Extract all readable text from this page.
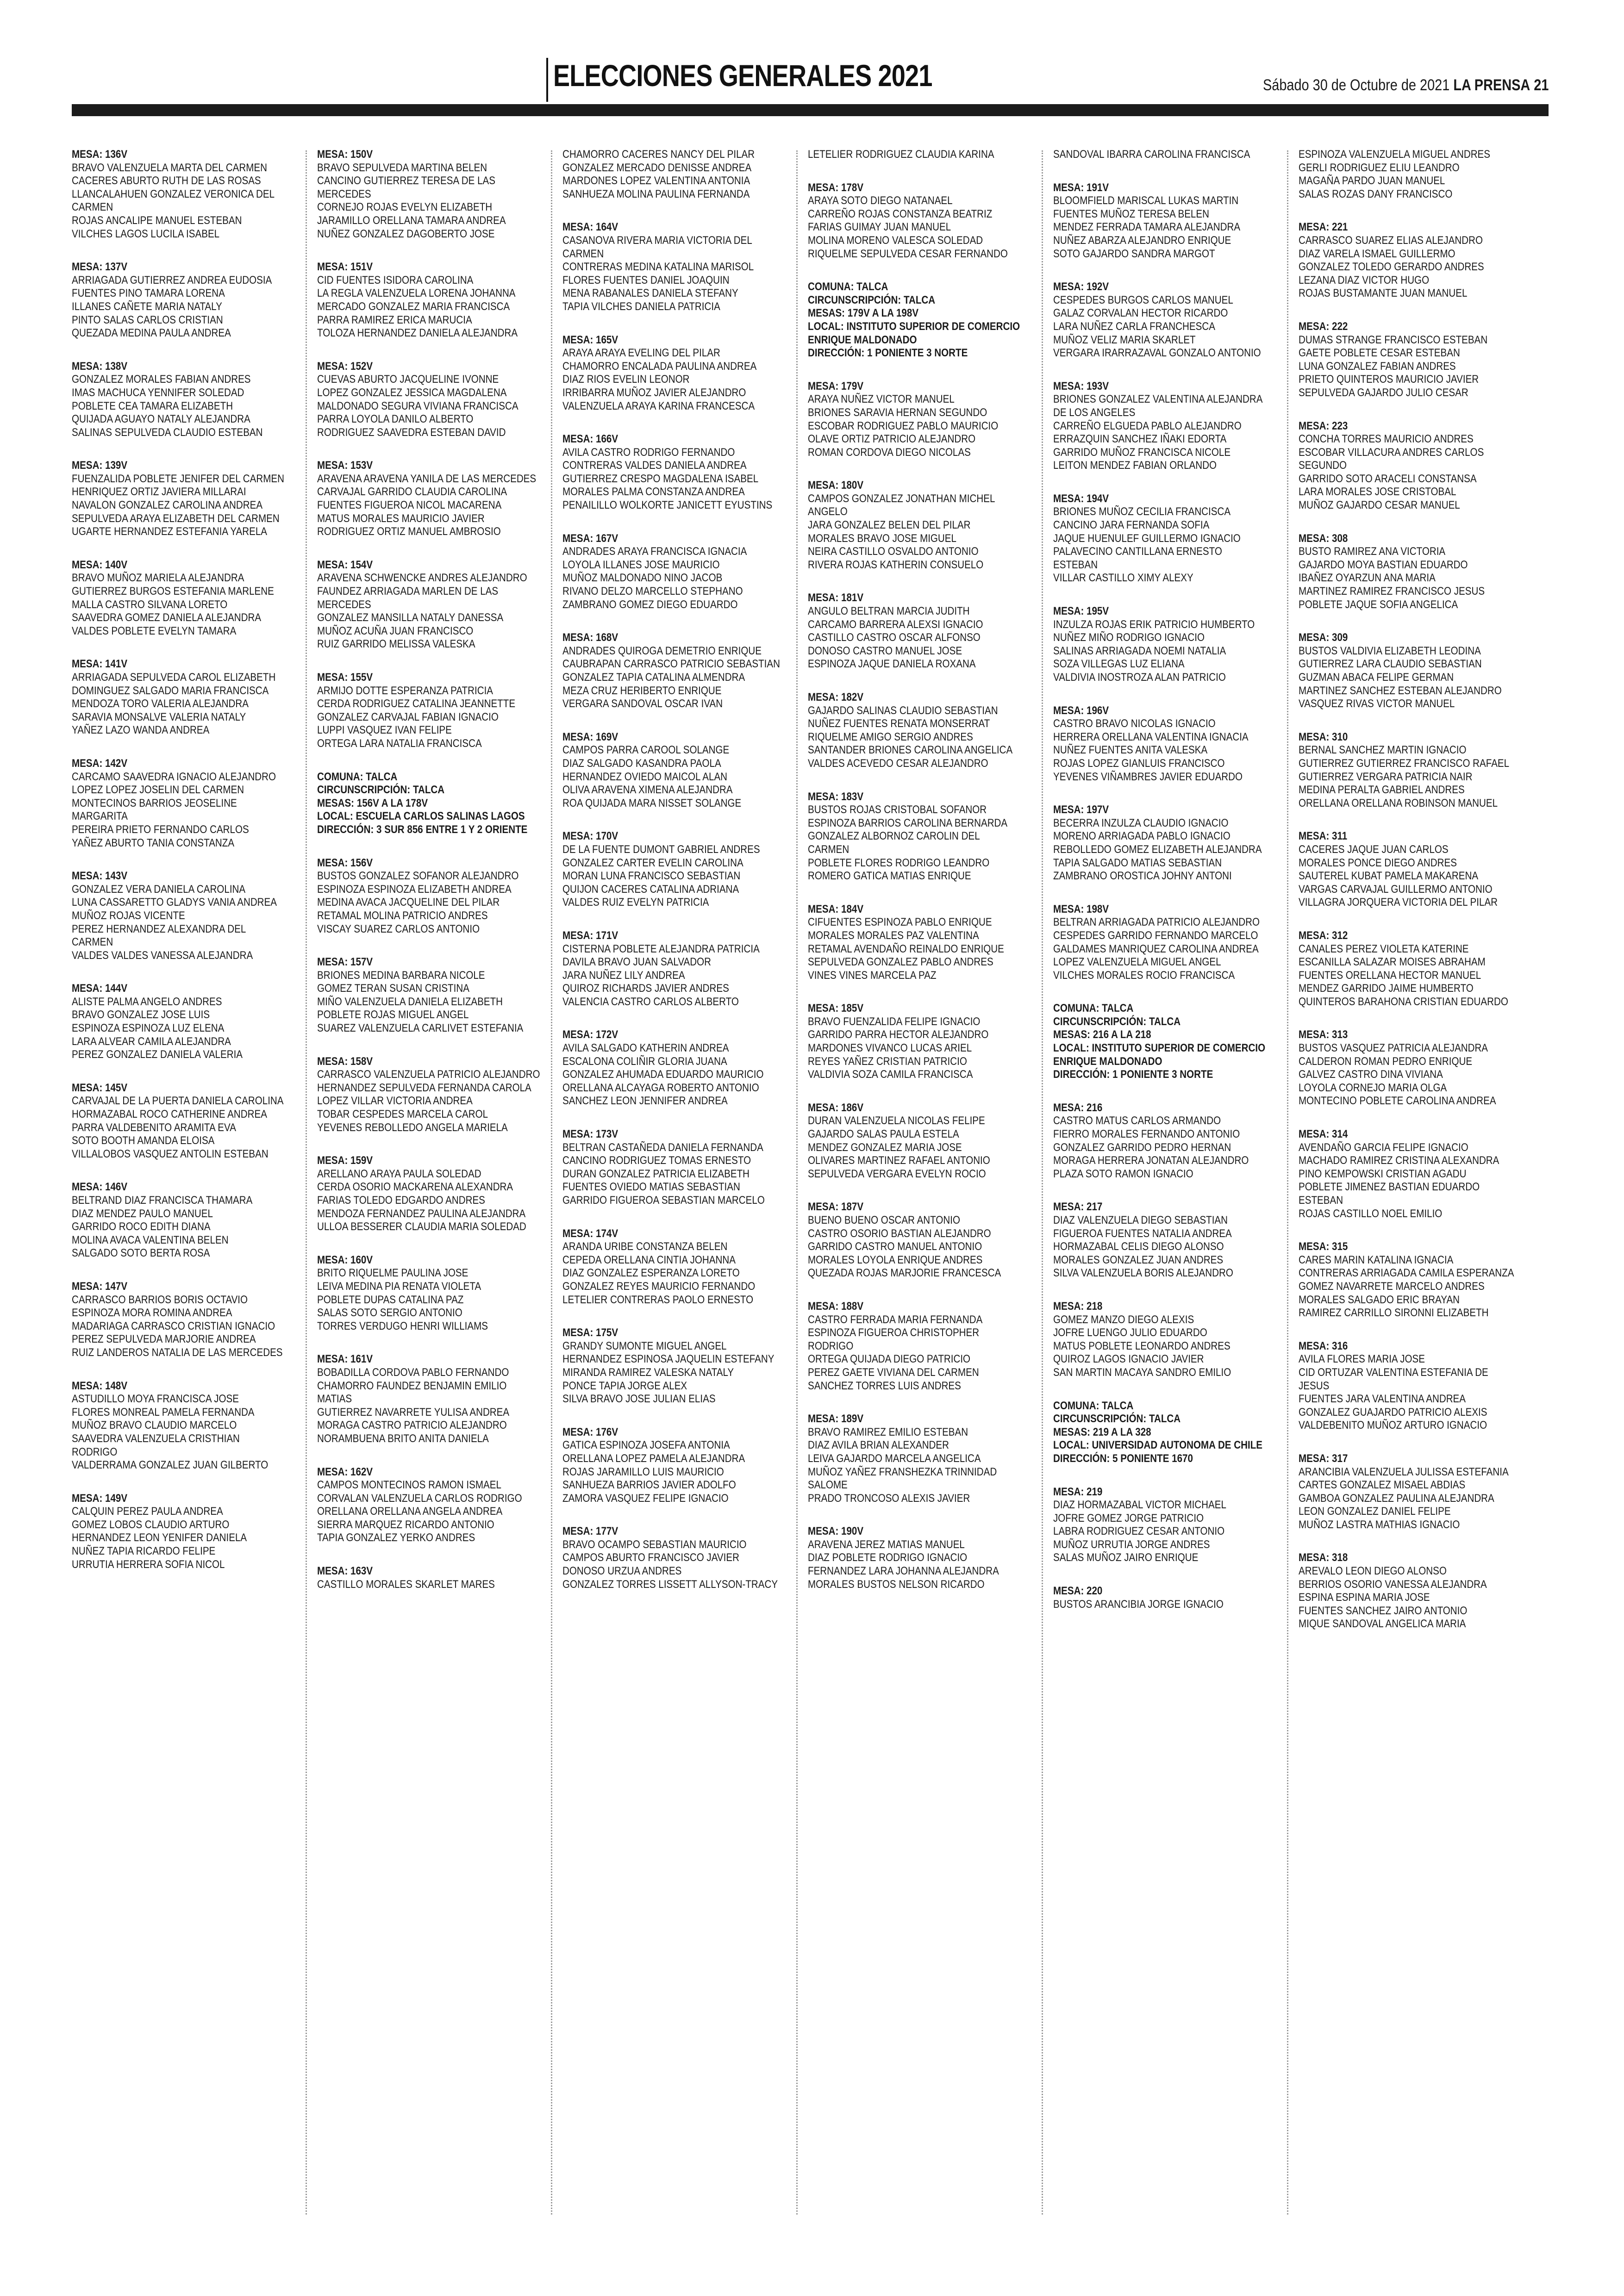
ELECCIONES GENERALES 2021	Sábado 30 de Octubre de 2021 LA PRENSA 21
MESA: 136V
BRAVO VALENZUELA MARTA DEL CARMEN
CACERES ABURTO RUTH DE LAS ROSAS
LLANCALAHUEN GONZALEZ VERONICA DEL
CARMEN
ROJAS ANCALIPE MANUEL ESTEBAN
VILCHES LAGOS LUCILA ISABEL
MESA: 137V
ARRIAGADA GUTIERREZ ANDREA EUDOSIA
FUENTES PINO TAMARA LORENA
ILLANES CAÑETE MARIA NATALY
PINTO SALAS CARLOS CRISTIAN
QUEZADA MEDINA PAULA ANDREA
MESA: 138V
GONZALEZ MORALES FABIAN ANDRES
IMAS MACHUCA YENNIFER SOLEDAD
POBLETE CEA TAMARA ELIZABETH
QUIJADA AGUAYO NATALY ALEJANDRA
SALINAS SEPULVEDA CLAUDIO ESTEBAN
MESA: 139V
FUENZALIDA POBLETE JENIFER DEL CARMEN
HENRIQUEZ ORTIZ JAVIERA MILLARAI
NAVALON GONZALEZ CAROLINA ANDREA
SEPULVEDA ARAYA ELIZABETH DEL CARMEN
UGARTE HERNANDEZ ESTEFANIA YARELA
MESA: 140V
BRAVO MUÑOZ MARIELA ALEJANDRA
GUTIERREZ BURGOS ESTEFANIA MARLENE
MALLA CASTRO SILVANA LORETO
SAAVEDRA GOMEZ DANIELA ALEJANDRA
VALDES POBLETE EVELYN TAMARA
MESA: 141V
ARRIAGADA SEPULVEDA CAROL ELIZABETH
DOMINGUEZ SALGADO MARIA FRANCISCA
MENDOZA TORO VALERIA ALEJANDRA
SARAVIA MONSALVE VALERIA NATALY
YAÑEZ LAZO WANDA ANDREA
MESA: 142V
CARCAMO SAAVEDRA IGNACIO ALEJANDRO
LOPEZ LOPEZ JOSELIN DEL CARMEN
MONTECINOS BARRIOS JEOSELINE
MARGARITA
PEREIRA PRIETO FERNANDO CARLOS
YAÑEZ ABURTO TANIA CONSTANZA
MESA: 143V
GONZALEZ VERA DANIELA CAROLINA
LUNA CASSARETTO GLADYS VANIA ANDREA
MUÑOZ ROJAS VICENTE
PEREZ HERNANDEZ ALEXANDRA DEL
CARMEN
VALDES VALDES VANESSA ALEJANDRA
MESA: 144V
ALISTE PALMA ANGELO ANDRES
BRAVO GONZALEZ JOSE LUIS
ESPINOZA ESPINOZA LUZ ELENA
LARA ALVEAR CAMILA ALEJANDRA
PEREZ GONZALEZ DANIELA VALERIA
MESA: 145V
CARVAJAL DE LA PUERTA DANIELA CAROLINA
HORMAZABAL ROCO CATHERINE ANDREA
PARRA VALDEBENITO ARAMITA EVA
SOTO BOOTH AMANDA ELOISA
VILLALOBOS VASQUEZ ANTOLIN ESTEBAN
MESA: 146V
BELTRAND DIAZ FRANCISCA THAMARA
DIAZ MENDEZ PAULO MANUEL
GARRIDO ROCO EDITH DIANA
MOLINA AVACA VALENTINA BELEN
SALGADO SOTO BERTA ROSA
MESA: 147V
CARRASCO BARRIOS BORIS OCTAVIO
ESPINOZA MORA ROMINA ANDREA
MADARIAGA CARRASCO CRISTIAN IGNACIO
PEREZ SEPULVEDA MARJORIE ANDREA
RUIZ LANDEROS NATALIA DE LAS MERCEDES
MESA: 148V
ASTUDILLO MOYA FRANCISCA JOSE
FLORES MONREAL PAMELA FERNANDA
MUÑOZ BRAVO CLAUDIO MARCELO
SAAVEDRA VALENZUELA CRISTHIAN
RODRIGO
VALDERRAMA GONZALEZ JUAN GILBERTO
MESA: 149V
CALQUIN PEREZ PAULA ANDREA
GOMEZ LOBOS CLAUDIO ARTURO
HERNANDEZ LEON YENIFER DANIELA
NUÑEZ TAPIA RICARDO FELIPE
URRUTIA HERRERA SOFIA NICOL
MESA: 150V
BRAVO SEPULVEDA MARTINA BELEN
CANCINO GUTIERREZ TERESA DE LAS
MERCEDES
CORNEJO ROJAS EVELYN ELIZABETH
JARAMILLO ORELLANA TAMARA ANDREA
NUÑEZ GONZALEZ DAGOBERTO JOSE
MESA: 151V
CID FUENTES ISIDORA CAROLINA
LA REGLA VALENZUELA LORENA JOHANNA
MERCADO GONZALEZ MARIA FRANCISCA
PARRA RAMIREZ ERICA MARUCIA
TOLOZA HERNANDEZ DANIELA ALEJANDRA
MESA: 152V
CUEVAS ABURTO JACQUELINE IVONNE
LOPEZ GONZALEZ JESSICA MAGDALENA
MALDONADO SEGURA VIVIANA FRANCISCA
PARRA LOYOLA DANILO ALBERTO
RODRIGUEZ SAAVEDRA ESTEBAN DAVID
MESA: 153V
ARAVENA ARAVENA YANILA DE LAS MERCEDES
CARVAJAL GARRIDO CLAUDIA CAROLINA
FUENTES FIGUEROA NICOL MACARENA
MATUS MORALES MAURICIO JAVIER
RODRIGUEZ ORTIZ MANUEL AMBROSIO
MESA: 154V
ARAVENA SCHWENCKE ANDRES ALEJANDRO
FAUNDEZ ARRIAGADA MARLEN DE LAS
MERCEDES
GONZALEZ MANSILLA NATALY DANESSA
MUÑOZ ACUÑA JUAN FRANCISCO
RUIZ GARRIDO MELISSA VALESKA
MESA: 155V
ARMIJO DOTTE ESPERANZA PATRICIA
CERDA RODRIGUEZ CATALINA JEANNETTE
GONZALEZ CARVAJAL FABIAN IGNACIO
LUPPI VASQUEZ IVAN FELIPE
ORTEGA LARA NATALIA FRANCISCA
COMUNA: TALCA
CIRCUNSCRIPCIÓN: TALCA
MESAS: 156V A LA 178V
LOCAL: ESCUELA CARLOS SALINAS LAGOS
DIRECCIÓN: 3 SUR 856 ENTRE 1 Y 2 ORIENTE
MESA: 156V
BUSTOS GONZALEZ SOFANOR ALEJANDRO
ESPINOZA ESPINOZA ELIZABETH ANDREA
MEDINA AVACA JACQUELINE DEL PILAR
RETAMAL MOLINA PATRICIO ANDRES
VISCAY SUAREZ CARLOS ANTONIO
MESA: 157V
BRIONES MEDINA BARBARA NICOLE
GOMEZ TERAN SUSAN CRISTINA
MIÑO VALENZUELA DANIELA ELIZABETH
POBLETE ROJAS MIGUEL ANGEL
SUAREZ VALENZUELA CARLIVET ESTEFANIA
MESA: 158V
CARRASCO VALENZUELA PATRICIO ALEJANDRO
HERNANDEZ SEPULVEDA FERNANDA CAROLA
LOPEZ VILLAR VICTORIA ANDREA
TOBAR CESPEDES MARCELA CAROL
YEVENES REBOLLEDO ANGELA MARIELA
MESA: 159V
ARELLANO ARAYA PAULA SOLEDAD
CERDA OSORIO MACKARENA ALEXANDRA
FARIAS TOLEDO EDGARDO ANDRES
MENDOZA FERNANDEZ PAULINA ALEJANDRA
ULLOA BESSERER CLAUDIA MARIA SOLEDAD
MESA: 160V
BRITO RIQUELME PAULINA JOSE
LEIVA MEDINA PIA RENATA VIOLETA
POBLETE DUPAS CATALINA PAZ
SALAS SOTO SERGIO ANTONIO
TORRES VERDUGO HENRI WILLIAMS
MESA: 161V
BOBADILLA CORDOVA PABLO FERNANDO
CHAMORRO FAUNDEZ BENJAMIN EMILIO
MATIAS
GUTIERREZ NAVARRETE YULISA ANDREA
MORAGA CASTRO PATRICIO ALEJANDRO
NORAMBUENA BRITO ANITA DANIELA
MESA: 162V
CAMPOS MONTECINOS RAMON ISMAEL
CORVALAN VALENZUELA CARLOS RODRIGO
ORELLANA ORELLANA ANGELA ANDREA
SIERRA MARQUEZ RICARDO ANTONIO
TAPIA GONZALEZ YERKO ANDRES
MESA: 163V
CASTILLO MORALES SKARLET MARES
CHAMORRO CACERES NANCY DEL PILAR
GONZALEZ MERCADO DENISSE ANDREA
MARDONES LOPEZ VALENTINA ANTONIA
SANHUEZA MOLINA PAULINA FERNANDA
MESA: 164V
CASANOVA RIVERA MARIA VICTORIA DEL
CARMEN
CONTRERAS MEDINA KATALINA MARISOL
FLORES FUENTES DANIEL JOAQUIN
MENA RABANALES DANIELA STEFANY
TAPIA VILCHES DANIELA PATRICIA
MESA: 165V
ARAYA ARAYA EVELING DEL PILAR
CHAMORRO ENCALADA PAULINA ANDREA
DIAZ RIOS EVELIN LEONOR
IRRIBARRA MUÑOZ JAVIER ALEJANDRO
VALENZUELA ARAYA KARINA FRANCESCA
MESA: 166V
AVILA CASTRO RODRIGO FERNANDO
CONTRERAS VALDES DANIELA ANDREA
GUTIERREZ CRESPO MAGDALENA ISABEL
MORALES PALMA CONSTANZA ANDREA
PENAILILLO WOLKORTE JANICETT EYUSTINS
MESA: 167V
ANDRADES ARAYA FRANCISCA IGNACIA
LOYOLA ILLANES JOSE MAURICIO
MUÑOZ MALDONADO NINO JACOB
RIVANO DELZO MARCELLO STEPHANO
ZAMBRANO GOMEZ DIEGO EDUARDO
MESA: 168V
ANDRADES QUIROGA DEMETRIO ENRIQUE
CAUBRAPAN CARRASCO PATRICIO SEBASTIAN
GONZALEZ TAPIA CATALINA ALMENDRA
MEZA CRUZ HERIBERTO ENRIQUE
VERGARA SANDOVAL OSCAR IVAN
MESA: 169V
CAMPOS PARRA CAROOL SOLANGE
DIAZ SALGADO KASANDRA PAOLA
HERNANDEZ OVIEDO MAICOL ALAN
OLIVA ARAVENA XIMENA ALEJANDRA
ROA QUIJADA MARA NISSET SOLANGE
MESA: 170V
DE LA FUENTE DUMONT GABRIEL ANDRES
GONZALEZ CARTER EVELIN CAROLINA
MORAN LUNA FRANCISCO SEBASTIAN
QUIJON CACERES CATALINA ADRIANA
VALDES RUIZ EVELYN PATRICIA
MESA: 171V
CISTERNA POBLETE ALEJANDRA PATRICIA
DAVILA BRAVO JUAN SALVADOR
JARA NUÑEZ LILY ANDREA
QUIROZ RICHARDS JAVIER ANDRES
VALENCIA CASTRO CARLOS ALBERTO
MESA: 172V
AVILA SALGADO KATHERIN ANDREA
ESCALONA COLIÑIR GLORIA JUANA
GONZALEZ AHUMADA EDUARDO MAURICIO
ORELLANA ALCAYAGA ROBERTO ANTONIO
SANCHEZ LEON JENNIFER ANDREA
MESA: 173V
BELTRAN CASTAÑEDA DANIELA FERNANDA
CANCINO RODRIGUEZ TOMAS ERNESTO
DURAN GONZALEZ PATRICIA ELIZABETH
FUENTES OVIEDO MATIAS SEBASTIAN
GARRIDO FIGUEROA SEBASTIAN MARCELO
MESA: 174V
ARANDA URIBE CONSTANZA BELEN
CEPEDA ORELLANA CINTIA JOHANNA
DIAZ GONZALEZ ESPERANZA LORETO
GONZALEZ REYES MAURICIO FERNANDO
LETELIER CONTRERAS PAOLO ERNESTO
MESA: 175V
GRANDY SUMONTE MIGUEL ANGEL
HERNANDEZ ESPINOSA JAQUELIN ESTEFANY
MIRANDA RAMIREZ VALESKA NATALY
PONCE TAPIA JORGE ALEX
SILVA BRAVO JOSE JULIAN ELIAS
MESA: 176V
GATICA ESPINOZA JOSEFA ANTONIA
ORELLANA LOPEZ PAMELA ALEJANDRA
ROJAS JARAMILLO LUIS MAURICIO
SANHUEZA BARRIOS JAVIER ADOLFO
ZAMORA VASQUEZ FELIPE IGNACIO
MESA: 177V
BRAVO OCAMPO SEBASTIAN MAURICIO
CAMPOS ABURTO FRANCISCO JAVIER
DONOSO URZUA ANDRES
GONZALEZ TORRES LISSETT ALLYSON-TRACY
LETELIER RODRIGUEZ CLAUDIA KARINA
MESA: 178V
ARAYA SOTO DIEGO NATANAEL
CARREÑO ROJAS CONSTANZA BEATRIZ
FARIAS GUIMAY JUAN MANUEL
MOLINA MORENO VALESCA SOLEDAD
RIQUELME SEPULVEDA CESAR FERNANDO
COMUNA: TALCA
CIRCUNSCRIPCIÓN: TALCA
MESAS: 179V A LA 198V
LOCAL: INSTITUTO SUPERIOR DE COMERCIO
ENRIQUE MALDONADO
DIRECCIÓN: 1 PONIENTE 3 NORTE
MESA: 179V
ARAYA NUÑEZ VICTOR MANUEL
BRIONES SARAVIA HERNAN SEGUNDO
ESCOBAR RODRIGUEZ PABLO MAURICIO
OLAVE ORTIZ PATRICIO ALEJANDRO
ROMAN CORDOVA DIEGO NICOLAS
MESA: 180V
CAMPOS GONZALEZ JONATHAN MICHEL
ANGELO
JARA GONZALEZ BELEN DEL PILAR
MORALES BRAVO JOSE MIGUEL
NEIRA CASTILLO OSVALDO ANTONIO
RIVERA ROJAS KATHERIN CONSUELO
MESA: 181V
ANGULO BELTRAN MARCIA JUDITH
CARCAMO BARRERA ALEXSI IGNACIO
CASTILLO CASTRO OSCAR ALFONSO
DONOSO CASTRO MANUEL JOSE
ESPINOZA JAQUE DANIELA ROXANA
MESA: 182V
GAJARDO SALINAS CLAUDIO SEBASTIAN
NUÑEZ FUENTES RENATA MONSERRAT
RIQUELME AMIGO SERGIO ANDRES
SANTANDER BRIONES CAROLINA ANGELICA
VALDES ACEVEDO CESAR ALEJANDRO
MESA: 183V
BUSTOS ROJAS CRISTOBAL SOFANOR
ESPINOZA BARRIOS CAROLINA BERNARDA
GONZALEZ ALBORNOZ CAROLIN DEL
CARMEN
POBLETE FLORES RODRIGO LEANDRO
ROMERO GATICA MATIAS ENRIQUE
MESA: 184V
CIFUENTES ESPINOZA PABLO ENRIQUE
MORALES MORALES PAZ VALENTINA
RETAMAL AVENDAÑO REINALDO ENRIQUE
SEPULVEDA GONZALEZ PABLO ANDRES
VINES VINES MARCELA PAZ
MESA: 185V
BRAVO FUENZALIDA FELIPE IGNACIO
GARRIDO PARRA HECTOR ALEJANDRO
MARDONES VIVANCO LUCAS ARIEL
REYES YAÑEZ CRISTIAN PATRICIO
VALDIVIA SOZA CAMILA FRANCISCA
MESA: 186V
DURAN VALENZUELA NICOLAS FELIPE
GAJARDO SALAS PAULA ESTELA
MENDEZ GONZALEZ MARIA JOSE
OLIVARES MARTINEZ RAFAEL ANTONIO
SEPULVEDA VERGARA EVELYN ROCIO
MESA: 187V
BUENO BUENO OSCAR ANTONIO
CASTRO OSORIO BASTIAN ALEJANDRO
GARRIDO CASTRO MANUEL ANTONIO
MORALES LOYOLA ENRIQUE ANDRES
QUEZADA ROJAS MARJORIE FRANCESCA
MESA: 188V
CASTRO FERRADA MARIA FERNANDA
ESPINOZA FIGUEROA CHRISTOPHER
RODRIGO
ORTEGA QUIJADA DIEGO PATRICIO
PEREZ GAETE VIVIANA DEL CARMEN
SANCHEZ TORRES LUIS ANDRES
MESA: 189V
BRAVO RAMIREZ EMILIO ESTEBAN
DIAZ AVILA BRIAN ALEXANDER
LEIVA GAJARDO MARCELA ANGELICA
MUÑOZ YAÑEZ FRANSHEZKA TRINNIDAD
SALOME
PRADO TRONCOSO ALEXIS JAVIER
MESA: 190V
ARAVENA JEREZ MATIAS MANUEL
DIAZ POBLETE RODRIGO IGNACIO
FERNANDEZ LARA JOHANNA ALEJANDRA
MORALES BUSTOS NELSON RICARDO
SANDOVAL IBARRA CAROLINA FRANCISCA
MESA: 191V
BLOOMFIELD MARISCAL LUKAS MARTIN
FUENTES MUÑOZ TERESA BELEN
MENDEZ FERRADA TAMARA ALEJANDRA
NUÑEZ ABARZA ALEJANDRO ENRIQUE
SOTO GAJARDO SANDRA MARGOT
MESA: 192V
CESPEDES BURGOS CARLOS MANUEL
GALAZ CORVALAN HECTOR RICARDO
LARA NUÑEZ CARLA FRANCHESCA
MUÑOZ VELIZ MARIA SKARLET
VERGARA IRARRAZAVAL GONZALO ANTONIO
MESA: 193V
BRIONES GONZALEZ VALENTINA ALEJANDRA
DE LOS ANGELES
CARREÑO ELGUEDA PABLO ALEJANDRO
ERRAZQUIN SANCHEZ IÑAKI EDORTA
GARRIDO MUÑOZ FRANCISCA NICOLE
LEITON MENDEZ FABIAN ORLANDO
MESA: 194V
BRIONES MUÑOZ CECILIA FRANCISCA
CANCINO JARA FERNANDA SOFIA
JAQUE HUENULEF GUILLERMO IGNACIO
PALAVECINO CANTILLANA ERNESTO
ESTEBAN
VILLAR CASTILLO XIMY ALEXY
MESA: 195V
INZULZA ROJAS ERIK PATRICIO HUMBERTO
NUÑEZ MIÑO RODRIGO IGNACIO
SALINAS ARRIAGADA NOEMI NATALIA
SOZA VILLEGAS LUZ ELIANA
VALDIVIA INOSTROZA ALAN PATRICIO
MESA: 196V
CASTRO BRAVO NICOLAS IGNACIO
HERRERA ORELLANA VALENTINA IGNACIA
NUÑEZ FUENTES ANITA VALESKA
ROJAS LOPEZ GIANLUIS FRANCISCO
YEVENES VIÑAMBRES JAVIER EDUARDO
MESA: 197V
BECERRA INZULZA CLAUDIO IGNACIO
MORENO ARRIAGADA PABLO IGNACIO
REBOLLEDO GOMEZ ELIZABETH ALEJANDRA
TAPIA SALGADO MATIAS SEBASTIAN
ZAMBRANO OROSTICA JOHNY ANTONI
MESA: 198V
BELTRAN ARRIAGADA PATRICIO ALEJANDRO
CESPEDES GARRIDO FERNANDO MARCELO
GALDAMES MANRIQUEZ CAROLINA ANDREA
LOPEZ VALENZUELA MIGUEL ANGEL
VILCHES MORALES ROCIO FRANCISCA
COMUNA: TALCA
CIRCUNSCRIPCIÓN: TALCA
MESAS: 216 A LA 218
LOCAL: INSTITUTO SUPERIOR DE COMERCIO
ENRIQUE MALDONADO
DIRECCIÓN: 1 PONIENTE 3 NORTE
MESA: 216
CASTRO MATUS CARLOS ARMANDO
FIERRO MORALES FERNANDO ANTONIO
GONZALEZ GARRIDO PEDRO HERNAN
MORAGA HERRERA JONATAN ALEJANDRO
PLAZA SOTO RAMON IGNACIO
MESA: 217
DIAZ VALENZUELA DIEGO SEBASTIAN
FIGUEROA FUENTES NATALIA ANDREA
HORMAZABAL CELIS DIEGO ALONSO
MORALES GONZALEZ JUAN ANDRES
SILVA VALENZUELA BORIS ALEJANDRO
MESA: 218
GOMEZ MANZO DIEGO ALEXIS
JOFRE LUENGO JULIO EDUARDO
MATUS POBLETE LEONARDO ANDRES
QUIROZ LAGOS IGNACIO JAVIER
SAN MARTIN MACAYA SANDRO EMILIO
COMUNA: TALCA
CIRCUNSCRIPCIÓN: TALCA
MESAS: 219 A LA 328
LOCAL: UNIVERSIDAD AUTONOMA DE CHILE
DIRECCIÓN: 5 PONIENTE 1670
MESA: 219
DIAZ HORMAZABAL VICTOR MICHAEL
JOFRE GOMEZ JORGE PATRICIO
LABRA RODRIGUEZ CESAR ANTONIO
MUÑOZ URRUTIA JORGE ANDRES
SALAS MUÑOZ JAIRO ENRIQUE
MESA: 220
BUSTOS ARANCIBIA JORGE IGNACIO
ESPINOZA VALENZUELA MIGUEL ANDRES
GERLI RODRIGUEZ ELIU LEANDRO
MAGAÑA PARDO JUAN MANUEL
SALAS ROZAS DANY FRANCISCO
MESA: 221
CARRASCO SUAREZ ELIAS ALEJANDRO
DIAZ VARELA ISMAEL GUILLERMO
GONZALEZ TOLEDO GERARDO ANDRES
LEZANA DIAZ VICTOR HUGO
ROJAS BUSTAMANTE JUAN MANUEL
MESA: 222
DUMAS STRANGE FRANCISCO ESTEBAN
GAETE POBLETE CESAR ESTEBAN
LUNA GONZALEZ FABIAN ANDRES
PRIETO QUINTEROS MAURICIO JAVIER
SEPULVEDA GAJARDO JULIO CESAR
MESA: 223
CONCHA TORRES MAURICIO ANDRES
ESCOBAR VILLACURA ANDRES CARLOS
SEGUNDO
GARRIDO SOTO ARACELI CONSTANSA
LARA MORALES JOSE CRISTOBAL
MUÑOZ GAJARDO CESAR MANUEL
MESA: 308
BUSTO RAMIREZ ANA VICTORIA
GAJARDO MOYA BASTIAN EDUARDO
IBAÑEZ OYARZUN ANA MARIA
MARTINEZ RAMIREZ FRANCISCO JESUS
POBLETE JAQUE SOFIA ANGELICA
MESA: 309
BUSTOS VALDIVIA ELIZABETH LEODINA
GUTIERREZ LARA CLAUDIO SEBASTIAN
GUZMAN ABACA FELIPE GERMAN
MARTINEZ SANCHEZ ESTEBAN ALEJANDRO
VASQUEZ RIVAS VICTOR MANUEL
MESA: 310
BERNAL SANCHEZ MARTIN IGNACIO
GUTIERREZ GUTIERREZ FRANCISCO RAFAEL
GUTIERREZ VERGARA PATRICIA NAIR
MEDINA PERALTA GABRIEL ANDRES
ORELLANA ORELLANA ROBINSON MANUEL
MESA: 311
CACERES JAQUE JUAN CARLOS
MORALES PONCE DIEGO ANDRES
SAUTEREL KUBAT PAMELA MAKARENA
VARGAS CARVAJAL GUILLERMO ANTONIO
VILLAGRA JORQUERA VICTORIA DEL PILAR
MESA: 312
CANALES PEREZ VIOLETA KATERINE
ESCANILLA SALAZAR MOISES ABRAHAM
FUENTES ORELLANA HECTOR MANUEL
MENDEZ GARRIDO JAIME HUMBERTO
QUINTEROS BARAHONA CRISTIAN EDUARDO
MESA: 313
BUSTOS VASQUEZ PATRICIA ALEJANDRA
CALDERON ROMAN PEDRO ENRIQUE
GALVEZ CASTRO DINA VIVIANA
LOYOLA CORNEJO MARIA OLGA
MONTECINO POBLETE CAROLINA ANDREA
MESA: 314
AVENDAÑO GARCIA FELIPE IGNACIO
MACHADO RAMIREZ CRISTINA ALEXANDRA
PINO KEMPOWSKI CRISTIAN AGADU
POBLETE JIMENEZ BASTIAN EDUARDO
ESTEBAN
ROJAS CASTILLO NOEL EMILIO
MESA: 315
CARES MARIN KATALINA IGNACIA
CONTRERAS ARRIAGADA CAMILA ESPERANZA
GOMEZ NAVARRETE MARCELO ANDRES
MORALES SALGADO ERIC BRAYAN
RAMIREZ CARRILLO SIRONNI ELIZABETH
MESA: 316
AVILA FLORES MARIA JOSE
CID ORTUZAR VALENTINA ESTEFANIA DE
JESUS
FUENTES JARA VALENTINA ANDREA
GONZALEZ GUAJARDO PATRICIO ALEXIS
VALDEBENITO MUÑOZ ARTURO IGNACIO
MESA: 317
ARANCIBIA VALENZUELA JULISSA ESTEFANIA
CARTES GONZALEZ MISAEL ABDIAS
GAMBOA GONZALEZ PAULINA ALEJANDRA
LEON GONZALEZ DANIEL FELIPE
MUÑOZ LASTRA MATHIAS IGNACIO
MESA: 318
AREVALO LEON DIEGO ALONSO
BERRIOS OSORIO VANESSA ALEJANDRA
ESPINA ESPINA MARIA JOSE
FUENTES SANCHEZ JAIRO ANTONIO
MIQUE SANDOVAL ANGELICA MARIA
